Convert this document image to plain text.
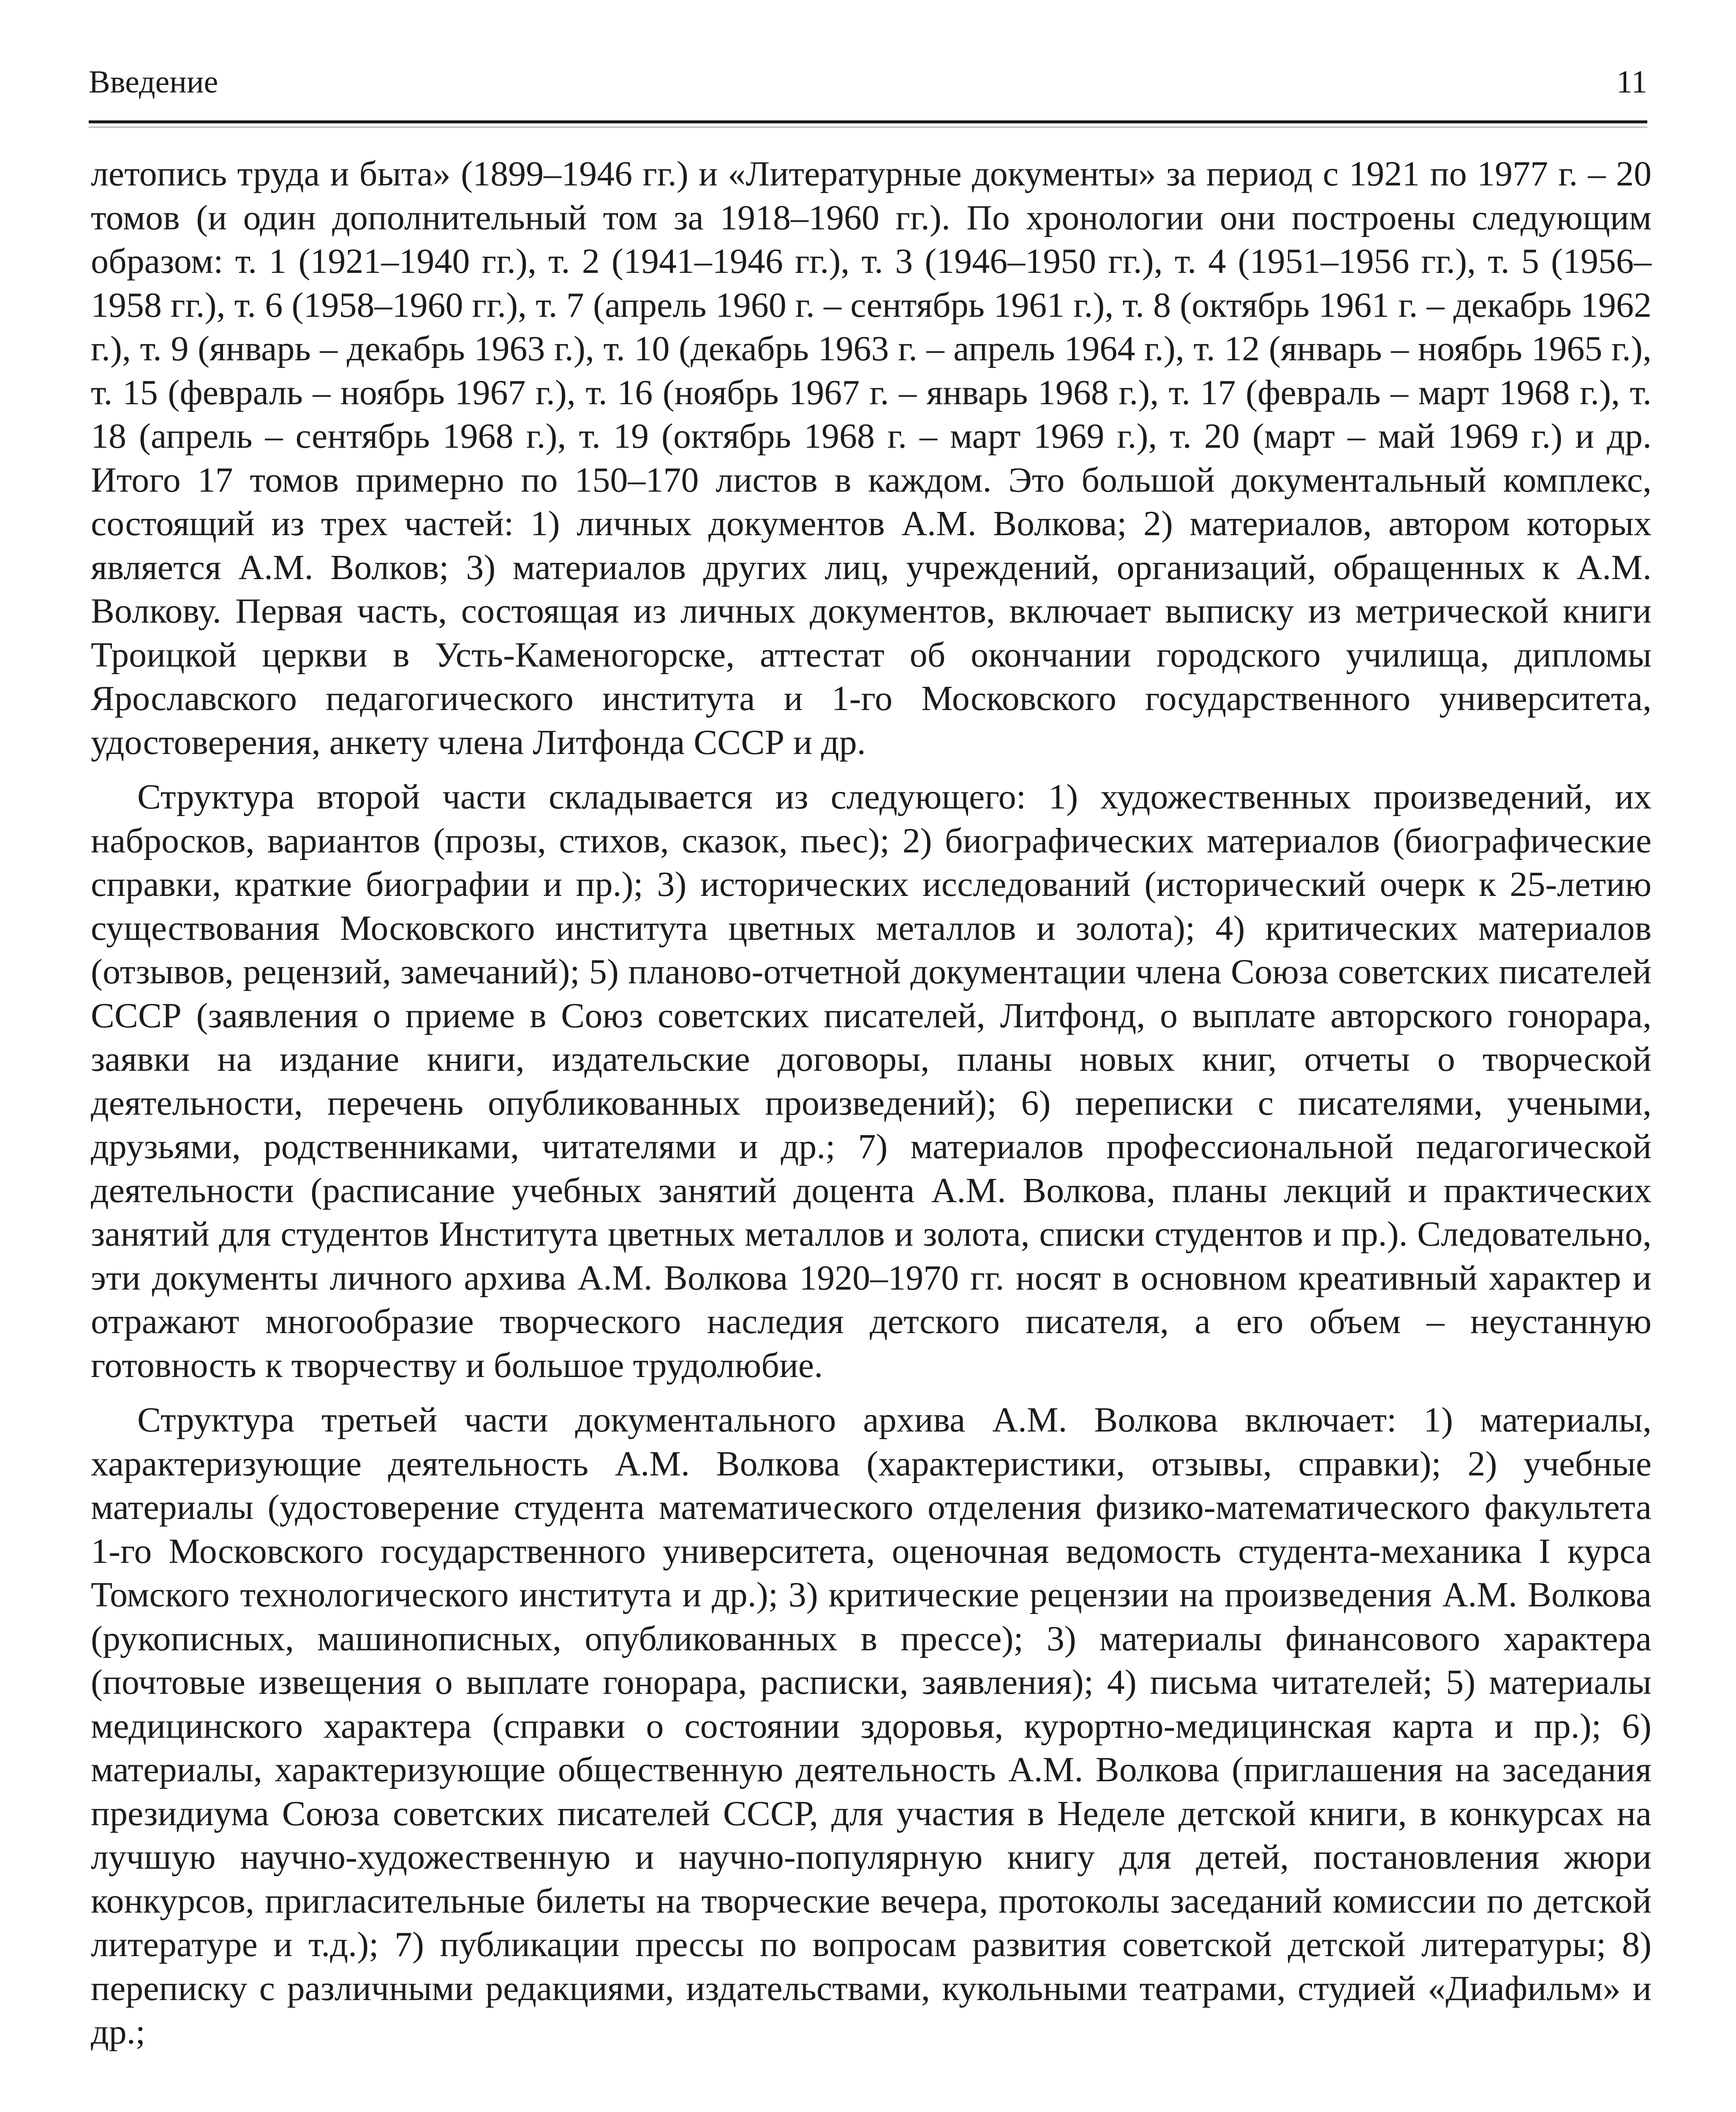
Введение	11

летопись труда и быта» (1899–1946 гг.) и «Литературные документы» за период с 1921 по 1977 г. – 20 томов (и один дополнительный том за 1918–1960 гг.). По хронологии они построены следующим образом: т. 1 (1921–1940 гг.), т. 2 (1941–1946 гг.), т. 3 (1946–1950 гг.), т. 4 (1951–1956 гг.), т. 5 (1956–1958 гг.), т. 6 (1958–1960 гг.), т. 7 (апрель 1960 г. – сентябрь 1961 г.), т. 8 (октябрь 1961 г. – декабрь 1962 г.), т. 9 (январь – декабрь 1963 г.), т. 10 (декабрь 1963 г. – апрель 1964 г.), т. 12 (январь – ноябрь 1965 г.), т. 15 (февраль – ноябрь 1967 г.), т. 16 (ноябрь 1967 г. – январь 1968 г.), т. 17 (февраль – март 1968 г.), т. 18 (апрель – сентябрь 1968 г.), т. 19 (октябрь 1968 г. – март 1969 г.), т. 20 (март – май 1969 г.) и др. Итого 17 томов примерно по 150–170 листов в каждом. Это большой документальный комплекс, состоящий из трех частей: 1) личных документов А.М. Волкова; 2) материалов, автором которых является А.М. Волков; 3) материалов других лиц, учреждений, организаций, обращенных к А.М. Волкову. Первая часть, состоящая из личных документов, включает выписку из метрической книги Троицкой церкви в Усть-Каменогорске, аттестат об окончании городского училища, дипломы Ярославского педагогического института и 1-го Московского государственного университета, удостоверения, анкету члена Литфонда СССР и др.

Структура второй части складывается из следующего: 1) художественных произведений, их набросков, вариантов (прозы, стихов, сказок, пьес); 2) биографических материалов (биографические справки, краткие биографии и пр.); 3) исторических исследований (исторический очерк к 25-летию существования Московского института цветных металлов и золота); 4) критических материалов (отзывов, рецензий, замечаний); 5) планово-отчетной документации члена Союза советских писателей СССР (заявления о приеме в Союз советских писателей, Литфонд, о выплате авторского гонорара, заявки на издание книги, издательские договоры, планы новых книг, отчеты о творческой деятельности, перечень опубликованных произведений); 6) переписки с писателями, учеными, друзьями, родственниками, читателями и др.; 7) материалов профессиональной педагогической деятельности (расписание учебных занятий доцента А.М. Волкова, планы лекций и практических занятий для студентов Института цветных металлов и золота, списки студентов и пр.). Следовательно, эти документы личного архива А.М. Волкова 1920–1970 гг. носят в основном креативный характер и отражают многообразие творческого наследия детского писателя, а его объем – неустанную готовность к творчеству и большое трудолюбие.

Структура третьей части документального архива А.М. Волкова включает: 1) материалы, характеризующие деятельность А.М. Волкова (характеристики, отзывы, справки); 2) учебные материалы (удостоверение студента математического отделения физико-математического факультета 1-го Московского государственного университета, оценочная ведомость студента-механика I курса Томского технологического института и др.); 3) критические рецензии на произведения А.М. Волкова (рукописных, машинописных, опубликованных в прессе); 3) материалы финансового характера (почтовые извещения о выплате гонорара, расписки, заявления); 4) письма читателей; 5) материалы медицинского характера (справки о состоянии здоровья, курортно-медицинская карта и пр.); 6) материалы, характеризующие общественную деятельность А.М. Волкова (приглашения на заседания президиума Союза советских писателей СССР, для участия в Неделе детской книги, в конкурсах на лучшую научно-художественную и научно-популярную книгу для детей, постановления жюри конкурсов, пригласительные билеты на творческие вечера, протоколы заседаний комиссии по детской литературе и т.д.); 7) публикации прессы по вопросам развития советской детской литературы; 8) переписку с различными редакциями, издательствами, кукольными театрами, студией «Диафильм» и др.;
